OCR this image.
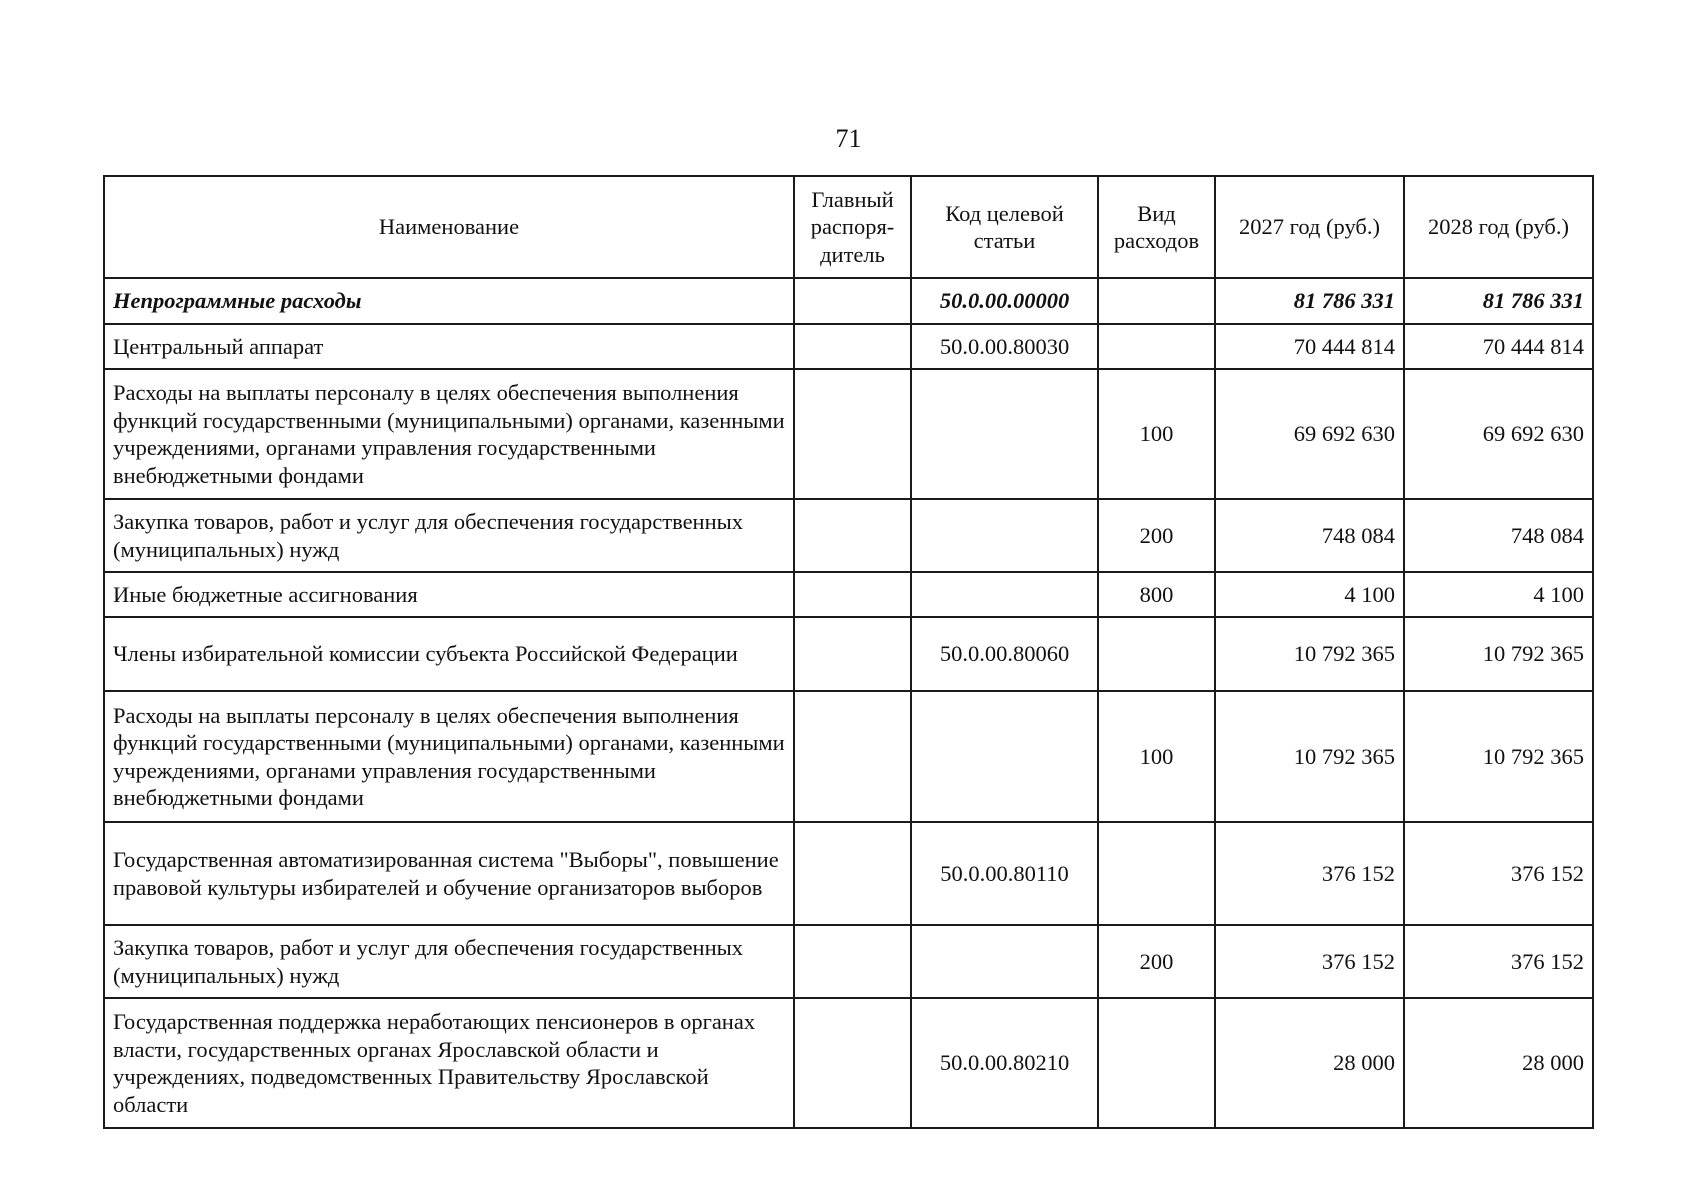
71
Наименование	Главный распоря-дитель	Код целевой статьи	Вид расходов	2027 год (руб.)	2028 год (руб.)
Непрограммные расходы		50.0.00.00000		81 786 331	81 786 331
Центральный аппарат		50.0.00.80030		70 444 814	70 444 814
Расходы на выплаты персоналу в целях обеспечения выполнения функций государственными (муниципальными) органами, казенными учреждениями, органами управления государственными внебюджетными фондами			100	69 692 630	69 692 630
Закупка товаров, работ и услуг для обеспечения государственных (муниципальных) нужд			200	748 084	748 084
Иные бюджетные ассигнования			800	4 100	4 100
Члены избирательной комиссии субъекта Российской Федерации		50.0.00.80060		10 792 365	10 792 365
Расходы на выплаты персоналу в целях обеспечения выполнения функций государственными (муниципальными) органами, казенными учреждениями, органами управления государственными внебюджетными фондами			100	10 792 365	10 792 365
Государственная автоматизированная система "Выборы", повышение правовой культуры избирателей и обучение организаторов выборов		50.0.00.80110		376 152	376 152
Закупка товаров, работ и услуг для обеспечения государственных (муниципальных) нужд			200	376 152	376 152
Государственная поддержка неработающих пенсионеров в органах власти, государственных органах Ярославской области и учреждениях, подведомственных Правительству Ярославской области		50.0.00.80210		28 000	28 000
